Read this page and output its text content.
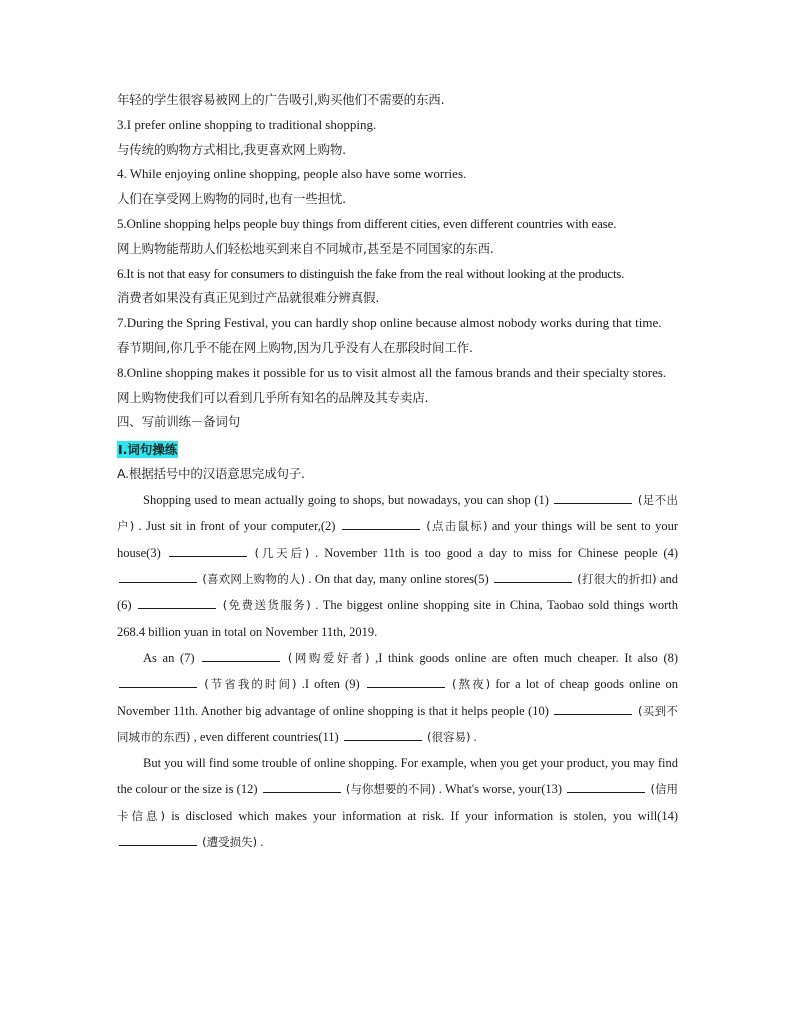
年轻的学生很容易被网上的广告吸引,购买他们不需要的东西.
3.I prefer online shopping to traditional shopping.
与传统的购物方式相比,我更喜欢网上购物.
4. While enjoying online shopping, people also have some worries.
人们在享受网上购物的同时,也有一些担忧.
5.Online shopping helps people buy things from different cities, even different countries with ease.
网上购物能帮助人们轻松地买到来自不同城市,甚至是不同国家的东西.
6.It is not that easy for consumers to distinguish the fake from the real without looking at the products.
消费者如果没有真正见到过产品就很难分辨真假.
7.During the Spring Festival, you can hardly shop online because almost nobody works during that time.
春节期间,你几乎不能在网上购物,因为几乎没有人在那段时间工作.
8.Online shopping makes it possible for us to visit almost all the famous brands and their specialty stores.
网上购物使我们可以看到几乎所有知名的品牌及其专卖店.
四、写前训练－备词句
I.词句操练
A.根据括号中的汉语意思完成句子.

Shopping used to mean actually going to shops, but nowadays, you can shop (1)	(足不出户) . Just sit in front of your computer,(2)	(点击鼠标) and your things will be sent to your house(3)	(几天后) . November 11th is too good a day to miss for Chinese people (4)  (喜欢网上购物的人) . On that day, many online stores(5)	(打很大的折扣) and (6)	(免费送货服务) . The biggest online shopping site in China, Taobao sold things worth 268.4 billion yuan in total on November 11th, 2019.

As an (7)	(网购爱好者) ,I think goods online are often much cheaper. It also (8)  (节省我的时间) .I often (9)	(熬夜) for a lot of cheap goods online on November 11th. Another big advantage of online shopping is that it helps people (10)	(买到不同城市的东西) , even different countries(11)	(很容易) .

But you will find some trouble of online shopping. For example, when you get your product, you may find the colour or the size is (12)	(与你想要的不同) . What's worse, your(13)	(信用卡信息) is disclosed which makes your information at risk. If your information is stolen, you will(14)  (遭受损失) .
